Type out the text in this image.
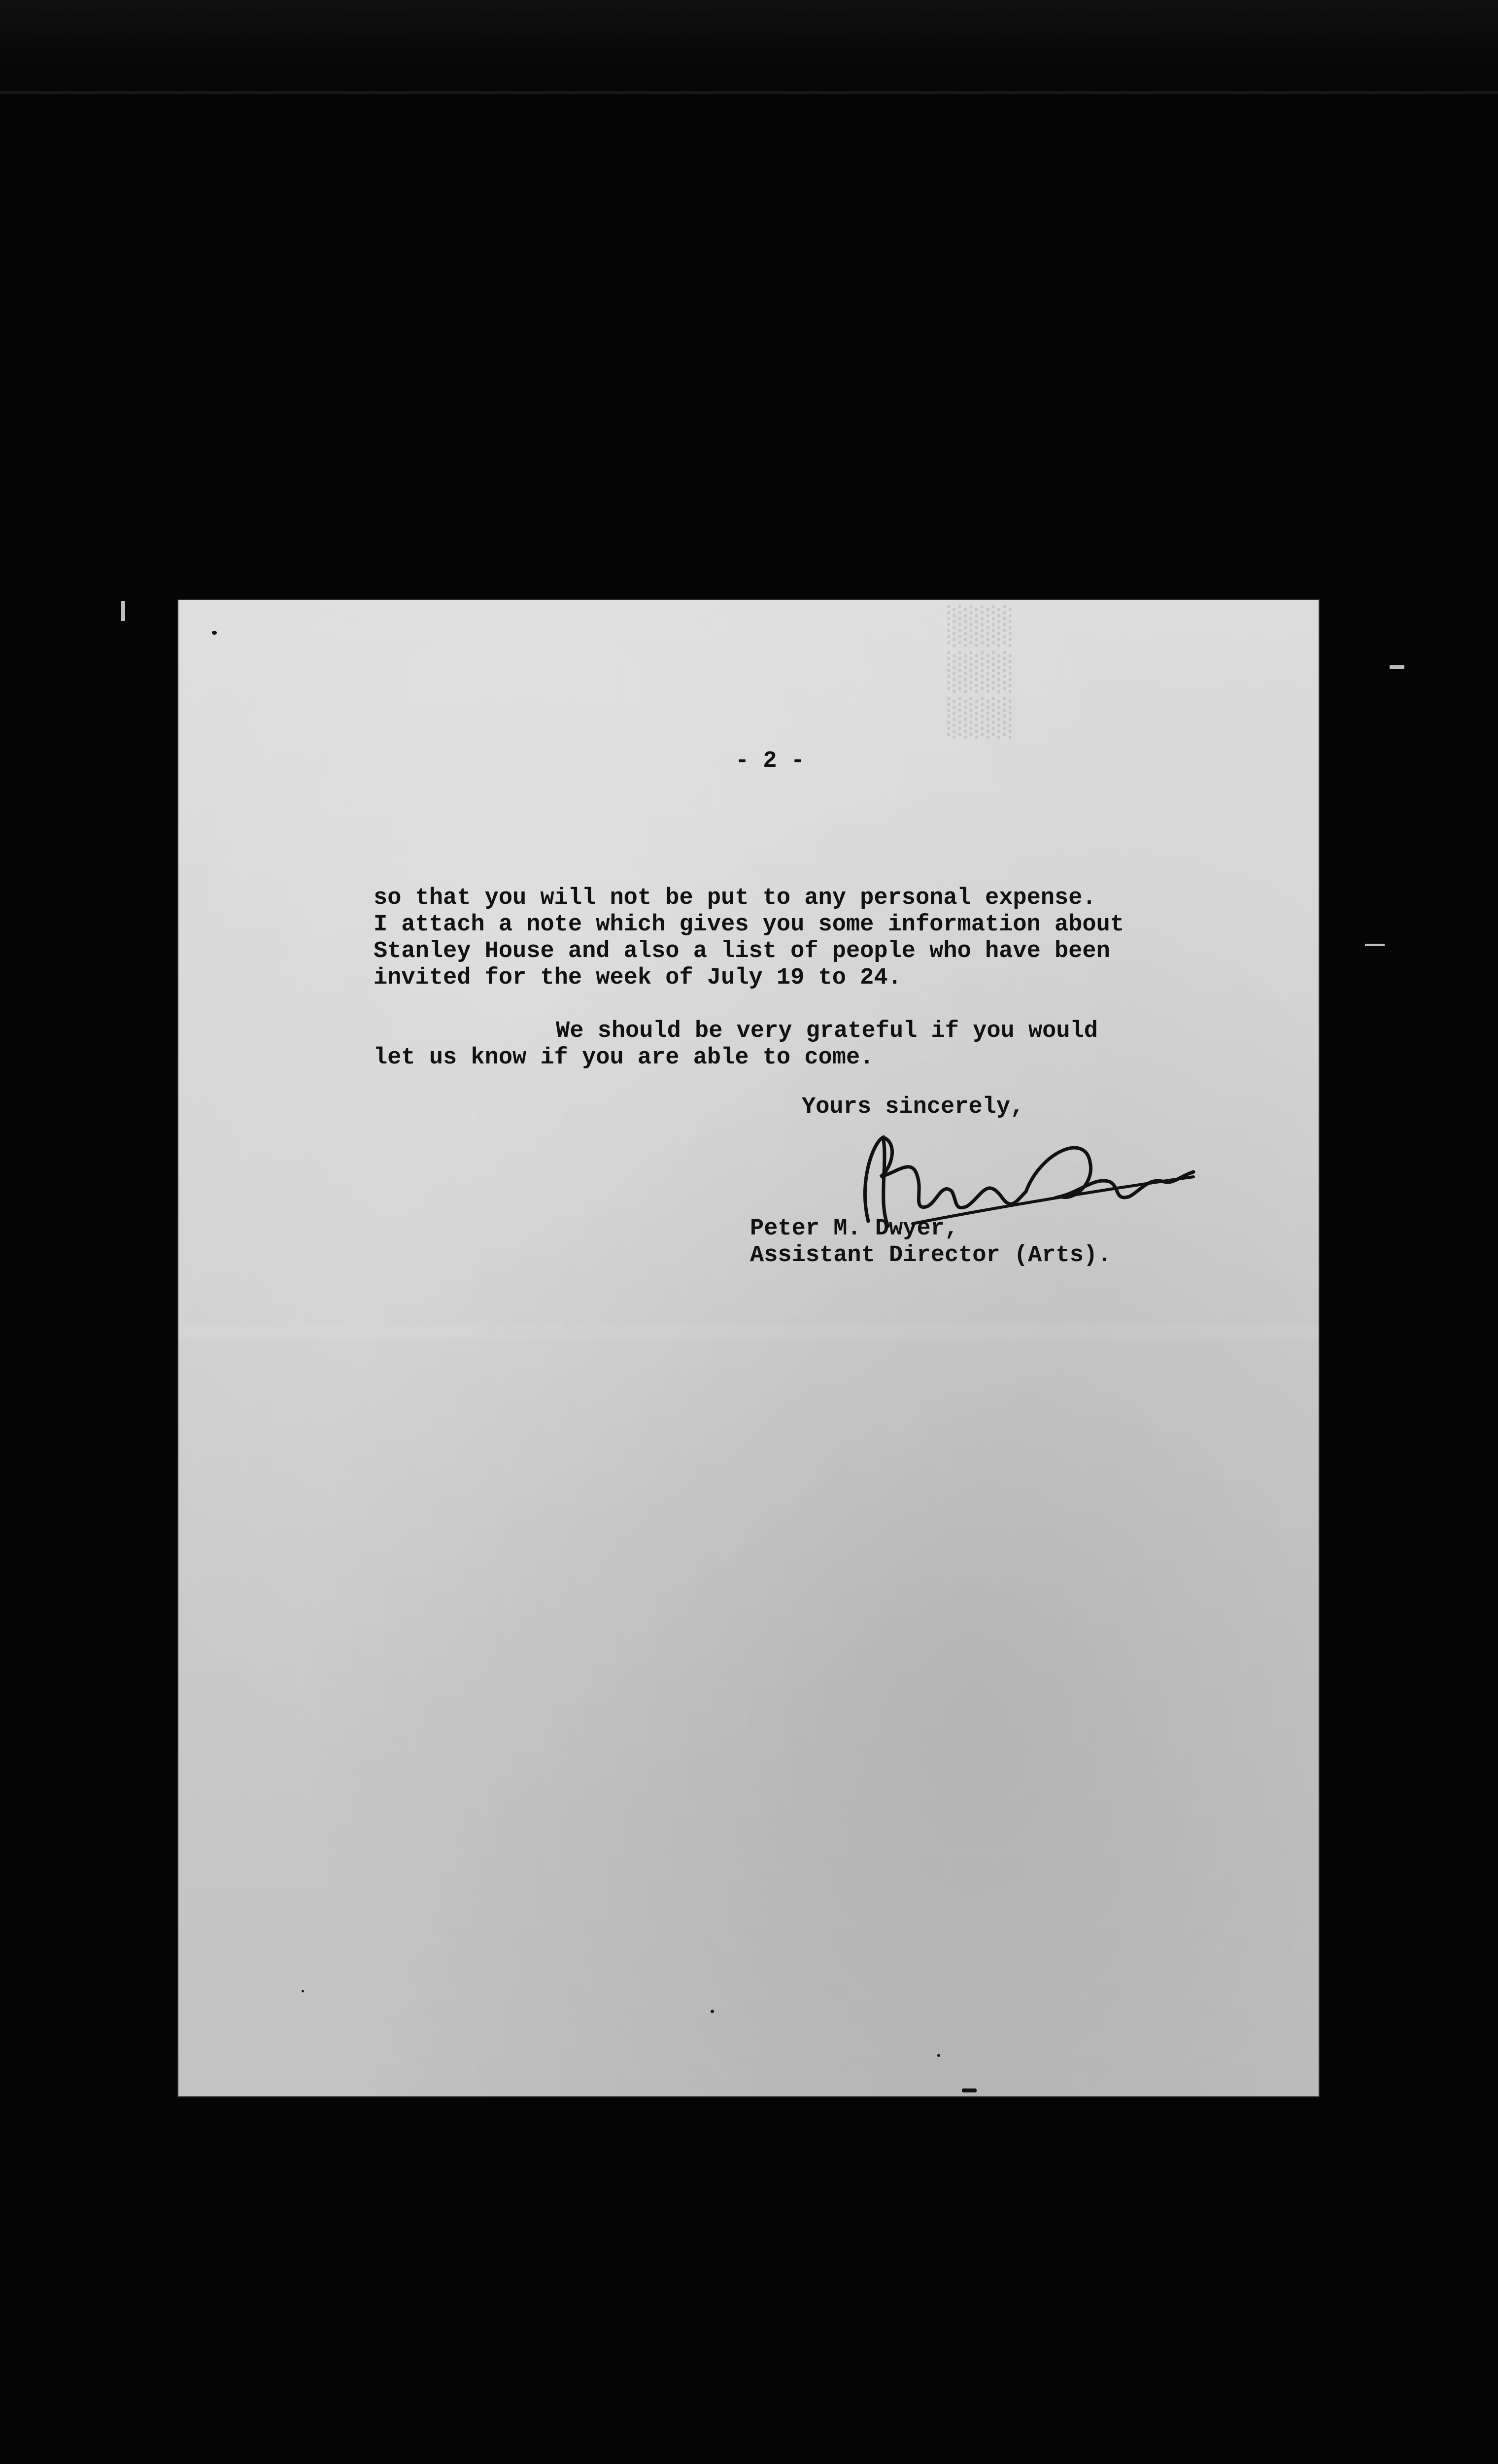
▒▒▒
- 2 -
so that you will not be put to any personal expense.
I attach a note which gives you some information about
Stanley House and also a list of people who have been
invited for the week of July 19 to 24.
We should be very grateful if you would
let us know if you are able to come.
Yours sincerely,
Peter M. Dwyer,
Assistant Director (Arts).
